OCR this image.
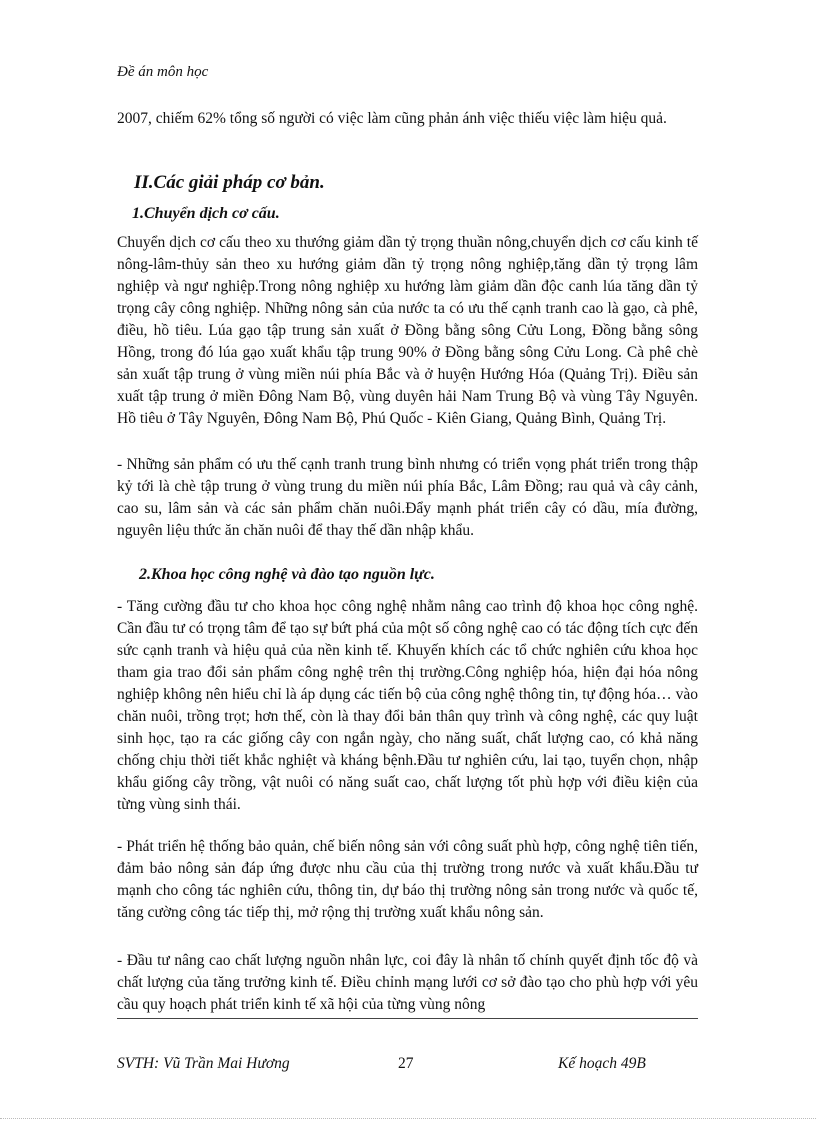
Đề án môn học

2007, chiếm 62% tổng số người có việc làm cũng phản ánh việc thiếu việc làm hiệu quả.

II.Các giải pháp cơ bản.
1.Chuyển dịch cơ cấu.

Chuyển dịch cơ cấu theo xu thướng giảm dần tỷ trọng thuần nông,chuyển dịch cơ cấu kinh tế nông-lâm-thủy sản theo xu hướng giảm dần tỷ trọng nông nghiệp,tăng dần tỷ trọng lâm nghiệp và ngư nghiệp.Trong nông nghiệp xu hướng làm giảm dần độc canh lúa tăng dần tỷ trọng cây công nghiệp. Những nông sản của nước ta có ưu thế cạnh tranh cao là gạo, cà phê, điều, hồ tiêu. Lúa gạo tập trung sản xuất ở Đồng bằng sông Cửu Long, Đồng bằng sông Hồng, trong đó lúa gạo xuất khẩu tập trung 90% ở Đồng bằng sông Cửu Long. Cà phê chè sản xuất tập trung ở vùng miền núi phía Bắc và ở huyện Hướng Hóa (Quảng Trị). Điều sản xuất tập trung ở miền Đông Nam Bộ, vùng duyên hải Nam Trung Bộ và vùng Tây Nguyên. Hồ tiêu ở Tây Nguyên, Đông Nam Bộ, Phú Quốc - Kiên Giang, Quảng Bình, Quảng Trị.

- Những sản phẩm có ưu thế cạnh tranh trung bình nhưng có triển vọng phát triển trong thập kỷ tới là chè tập trung ở vùng trung du miền núi phía Bắc, Lâm Đồng; rau quả và cây cảnh, cao su, lâm sản và các sản phẩm chăn nuôi.Đẩy mạnh phát triển cây có dầu, mía đường, nguyên liệu thức ăn chăn nuôi để thay thế dần nhập khẩu.

2.Khoa học công nghệ và đào tạo nguồn lực.

- Tăng cường đầu tư cho khoa học công nghệ nhằm nâng cao trình độ khoa học công nghệ. Cần đầu tư có trọng tâm để tạo sự bứt phá của một số công nghệ cao có tác động tích cực đến sức cạnh tranh và hiệu quả của nền kinh tế. Khuyến khích các tổ chức nghiên cứu khoa học tham gia trao đổi sản phẩm công nghệ trên thị trường.Công nghiệp hóa, hiện đại hóa nông nghiệp không nên hiểu chỉ là áp dụng các tiến bộ của công nghệ thông tin, tự động hóa… vào chăn nuôi, trồng trọt; hơn thế, còn là thay đổi bản thân quy trình và công nghệ, các quy luật sinh học, tạo ra các giống cây con ngắn ngày, cho năng suất, chất lượng cao, có khả năng chống chịu thời tiết khắc nghiệt và kháng bệnh.Đầu tư nghiên cứu, lai tạo, tuyển chọn, nhập khẩu giống cây trồng, vật nuôi có năng suất cao, chất lượng tốt phù hợp với điều kiện của từng vùng sinh thái.

- Phát triển hệ thống bảo quản, chế biến nông sản với công suất phù hợp, công nghệ tiên tiến, đảm bảo nông sản đáp ứng được nhu cầu của thị trường trong nước và xuất khẩu.Đầu tư mạnh cho công tác nghiên cứu, thông tin, dự báo thị trường nông sản trong nước và quốc tế, tăng cường công tác tiếp thị, mở rộng thị trường xuất khẩu nông sản.

- Đầu tư nâng cao chất lượng nguồn nhân lực, coi đây là nhân tố chính quyết định tốc độ và chất lượng của tăng trưởng kinh tế. Điều chỉnh mạng lưới cơ sở đào tạo cho phù hợp với yêu cầu quy hoạch phát triển kinh tế xã hội của từng vùng nông

SVTH: Vũ Trần Mai Hương	27	Kế hoạch 49B
